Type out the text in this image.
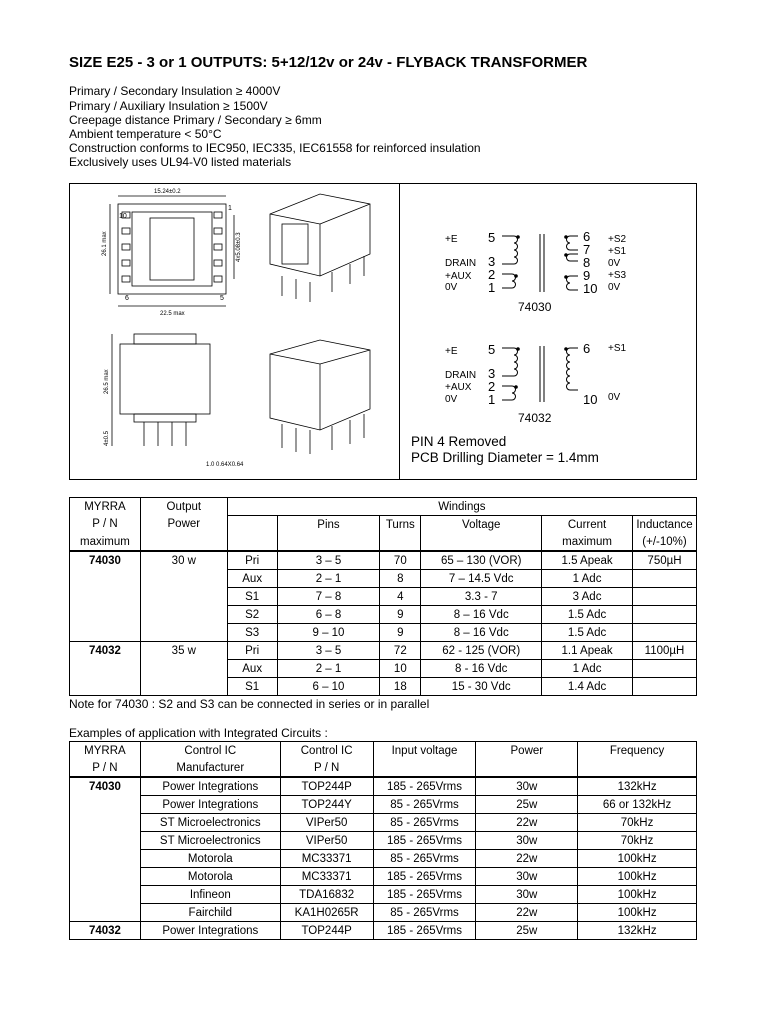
SIZE E25 - 3 or 1 OUTPUTS: 5+12/12v or 24v - FLYBACK TRANSFORMER
Primary / Secondary Insulation ≥ 4000V
Primary / Auxiliary Insulation ≥ 1500V
Creepage distance Primary / Secondary ≥ 6mm
Ambient temperature < 50°C
Construction conforms to IEC950, IEC335, IEC61558 for reinforced insulation
Exclusively uses UL94-V0 listed materials
15.24±0.2
22.5 max
26.1 max	4x5.08±0.3
26.5 max
4±0.5
1.0 0.64X0.64
10
1
6	5
+E
DRAIN
+AUX
0V
5
3
2
1
6
7
8
9
10
+S2
+S1
0V
+S3
0V
74030
+E
DRAIN
+AUX
0V
5
3
2
1
6
10
+S1
0V
74032
PIN 4 Removed
PCB Drilling Diameter = 1.4mm
MYRRA	Output	Windings					
P / N	Power		Pins	Turns	Voltage	Current	Inductance
maximum						maximum	(+/-10%)
74030	30 w	Pri	3 – 5	70	65 – 130 (VOR)	1.5 Apeak	750µH
		Aux	2 – 1	8	7 – 14.5 Vdc	1 Adc	
		S1	7 – 8	4	3.3 - 7	3 Adc	
		S2	6 – 8	9	8 – 16 Vdc	1.5 Adc	
		S3	9 – 10	9	8 – 16 Vdc	1.5 Adc	
74032	35 w	Pri	3 – 5	72	62 - 125 (VOR)	1.1 Apeak	1100µH
		Aux	2 – 1	10	8 - 16 Vdc	1 Adc	
		S1	6 – 10	18	15 - 30 Vdc	1.4 Adc	
Note for 74030 : S2 and S3 can be connected in series or in parallel
Examples of application with Integrated Circuits :
MYRRA	Control IC	Control IC	Input voltage	Power	Frequency
P / N	Manufacturer	P / N			
74030	Power Integrations	TOP244P	185 - 265Vrms	30w	132kHz
	Power Integrations	TOP244Y	85 - 265Vrms	25w	66 or 132kHz
	ST Microelectronics	VIPer50	85 - 265Vrms	22w	70kHz
	ST Microelectronics	VIPer50	185 - 265Vrms	30w	70kHz
	Motorola	MC33371	85 - 265Vrms	22w	100kHz
	Motorola	MC33371	185 - 265Vrms	30w	100kHz
	Infineon	TDA16832	185 - 265Vrms	30w	100kHz
	Fairchild	KA1H0265R	85 - 265Vrms	22w	100kHz
74032	Power Integrations	TOP244P	185 - 265Vrms	25w	132kHz
